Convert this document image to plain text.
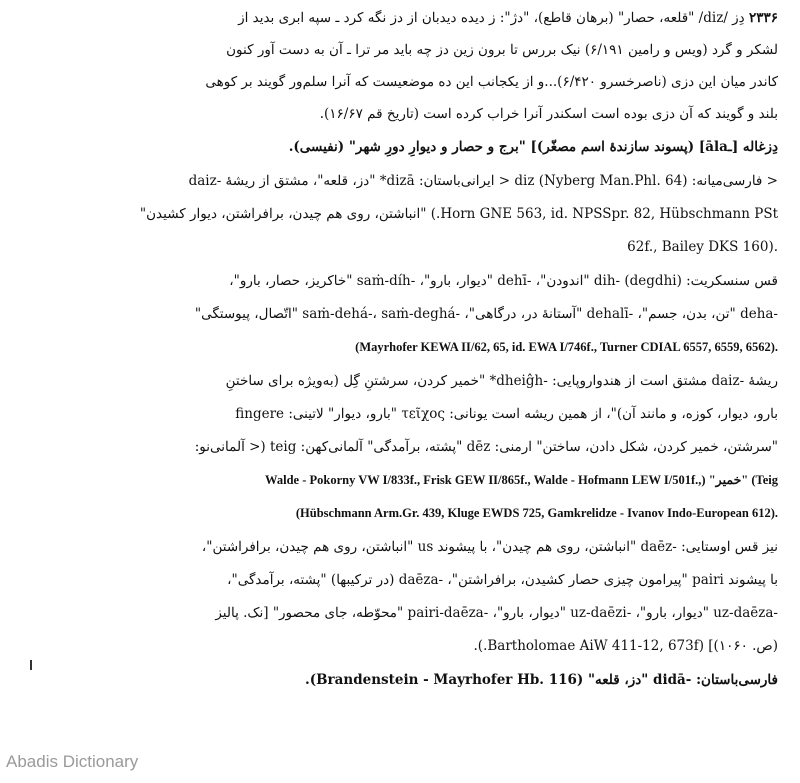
۲۳۳۶ دِز /diz/ "قلعه، حصار" (برهان قاطع)، "دژ": ز دیده دیدبان از دز نگه کرد ـ سپه ابری بدید از
لشکر و گرد (ویس و رامین ۶/۱۹۱) نیک بررس تا برون زین دز چه باید مر ترا ـ آن به دست آور کنون
کاندر میان این دزی (ناصرخسرو ۶/۴۲۰)...و از یکجانب این ده موضعیست که آنرا سلم‌ور گویند بر کوهی
بلند و گویند که آن دزی بوده است اسکندر آنرا خراب کرده است (تاریخ قم ۱۶/۶۷).
دِزغاله [ـāla] (پسوند سازندهٔ اسم مصغّر)] "برج و حصار و دیوارِ دورِ شهر" (نفیسی).
< فارسی‌میانه: diz (Nyberg Man.Phl. 64) < ایرانی‌باستان: ‎*dizā‎ "دز، قلعه"، مشتق از ریشهٔ ‎daiz-‎
Horn GNE 563, id. NPSSpr. 82, Hübschmann PSt.) "انباشتن، روی هم چیدن، برافراشتن، دیوار کشیدن"
.(62f., Bailey DKS 160
قس سنسکریت: ‎dih-‎ (degdhi) "اندودن"، ‎dehī-‎ "دیوار، بارو"، ‎saṁ-díh-‎ "خاکریز، حصار، بارو"،
‎deha-‎ "تن، بدن، جسم"، ‎dehalī-‎ "آستانهٔ در، درگاهی"، ‎saṁ-dehá-، saṁ-deghá-‎ "اتّصال، پیوستگی"
(Mayrhofer KEWA II/62, 65, id. EWA I/746f., Turner CDIAL 6557, 6559, 6562).
ریشهٔ ‎daiz-‎ مشتق است از هندواروپایی: ‎*dheiĝh-‎ "خمیر کردن، سرشتنِ گِل (به‌ویژه برای ساختنِ
بارو، دیوار، کوزه، و مانند آن)"، از همین ریشه است یونانی: τεῖχος "بارو، دیوار" لاتینی: fingere
"سرشتن، خمیر کردن، شکل دادن، ساختن" ارمنی: dēz "پشته، برآمدگی" آلمانی‌کهن: teig (< آلمانی‌نو:
Walde - Pokorny VW I/833f., Frisk GEW II/865f., Walde - Hofmann LEW I/501f.,) "خمیر" (Teig
(Hübschmann Arm.Gr. 439, Kluge EWDS 725, Gamkrelidze - Ivanov Indo-European 612).
نیز قس اوستایی: ‎daēz-‎ "انباشتن، روی هم چیدن"، با پیشوند us "انباشتن، روی هم چیدن، برافراشتن"،
با پیشوند pairi "پیرامون چیزی حصار کشیدن، برافراشتن"، ‎daēza-‎ (در ترکیبها) "پشته، برآمدگی"،
‎uz-daēza-‎ "دیوار، بارو"، ‎uz-daēzi-‎ "دیوار، بارو"، ‎pairi-daēza-‎ "محوّطه، جای محصور" [نک. پالیز
(ص. ۱۰۶۰)] (Bartholomae AiW 411-12, 673f.).
فارسی‌باستان: ‎didā-‎ "دز، قلعه" (Brandenstein - Mayrhofer Hb. 116).
Abadis Dictionary
